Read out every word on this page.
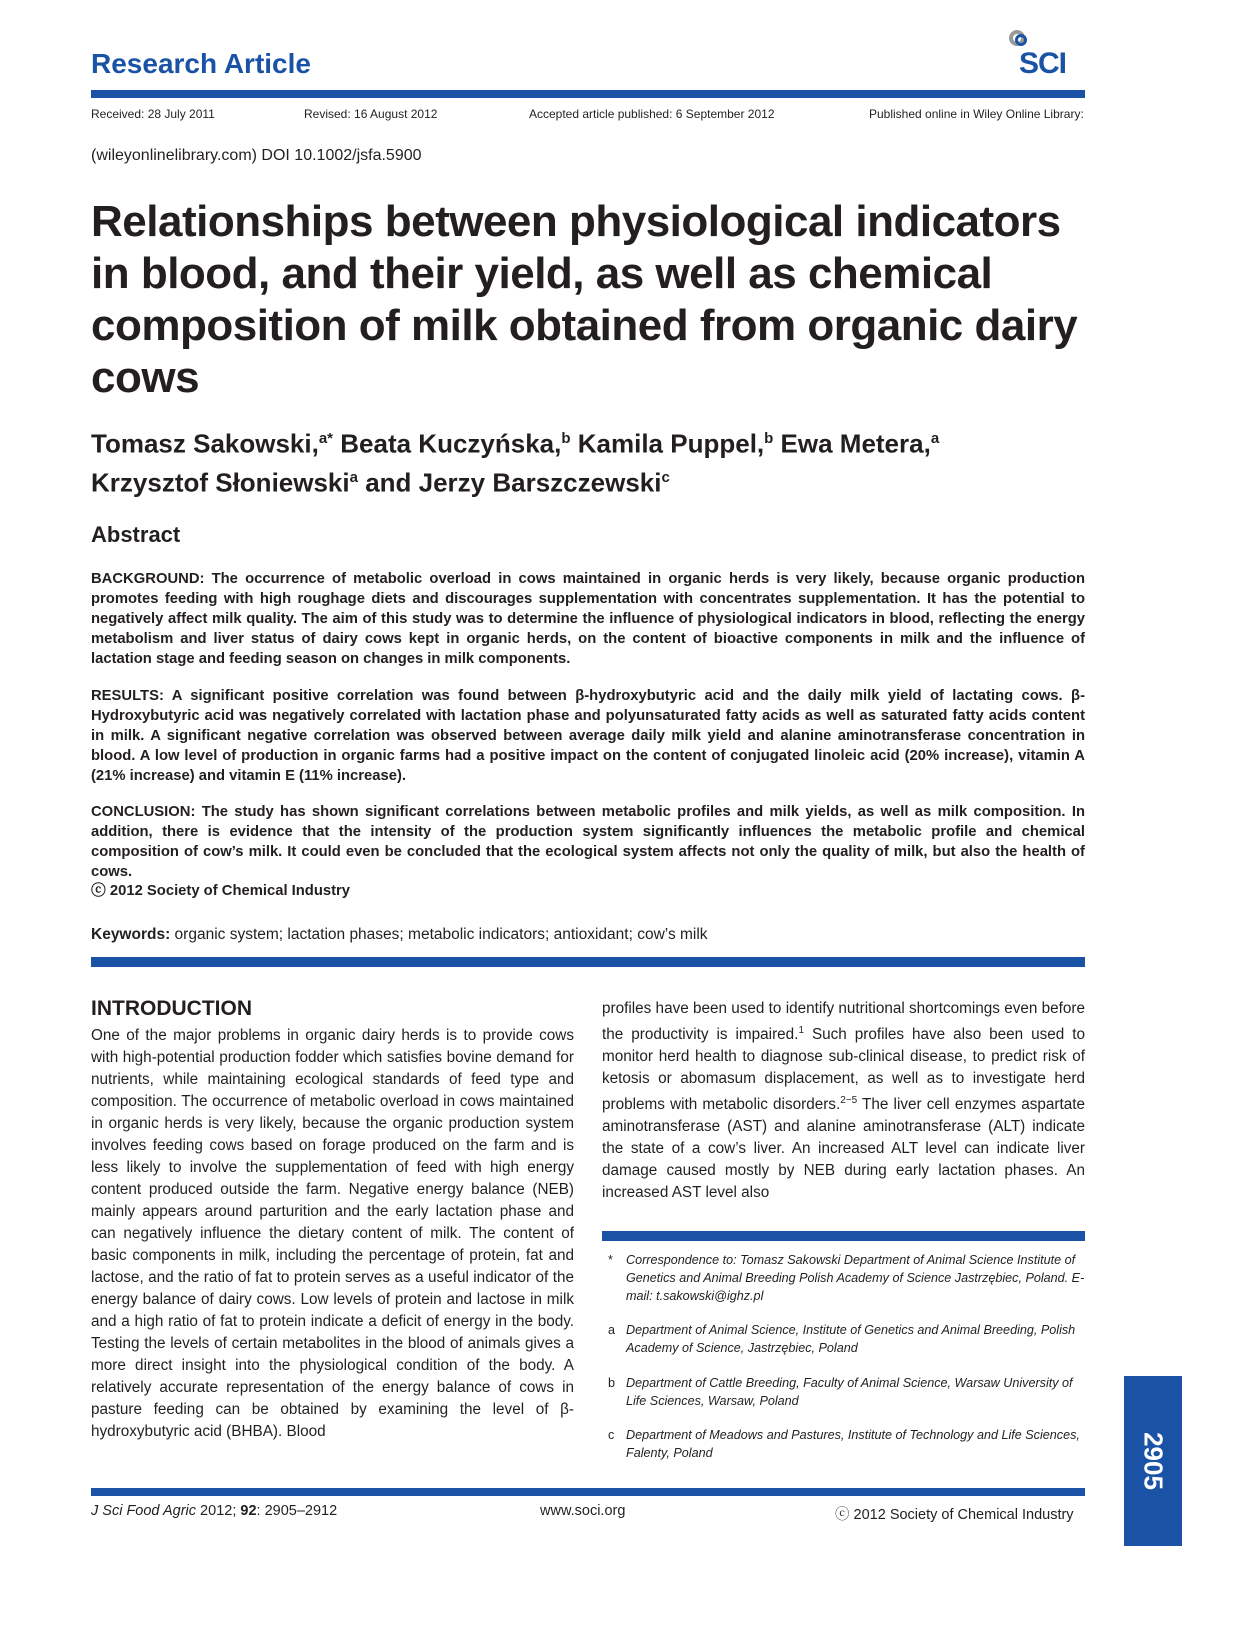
Research Article	SCI
Received: 28 July 2011	Revised: 16 August 2012	Accepted article published: 6 September 2012	Published online in Wiley Online Library:
(wileyonlinelibrary.com) DOI 10.1002/jsfa.5900
Relationships between physiological indicators in blood, and their yield, as well as chemical composition of milk obtained from organic dairy cows
Tomasz Sakowski,$^{a*}$ Beata Kuczyńska,$^b$ Kamila Puppel,$^b$ Ewa Metera,$^a$
Krzysztof Słoniewski$^a$ and Jerzy Barszczewski$^c$
Abstract
BACKGROUND: The occurrence of metabolic overload in cows maintained in organic herds is very likely, because organic production promotes feeding with high roughage diets and discourages supplementation with concentrates supplementation. It has the potential to negatively affect milk quality. The aim of this study was to determine the influence of physiological indicators in blood, reflecting the energy metabolism and liver status of dairy cows kept in organic herds, on the content of bioactive components in milk and the influence of lactation stage and feeding season on changes in milk components.
RESULTS: A significant positive correlation was found between β-hydroxybutyric acid and the daily milk yield of lactating cows. β-Hydroxybutyric acid was negatively correlated with lactation phase and polyunsaturated fatty acids as well as saturated fatty acids content in milk. A significant negative correlation was observed between average daily milk yield and alanine aminotransferase concentration in blood. A low level of production in organic farms had a positive impact on the content of conjugated linoleic acid (20% increase), vitamin A (21% increase) and vitamin E (11% increase).
CONCLUSION: The study has shown significant correlations between metabolic profiles and milk yields, as well as milk composition. In addition, there is evidence that the intensity of the production system significantly influences the metabolic profile and chemical composition of cow’s milk. It could even be concluded that the ecological system affects not only the quality of milk, but also the health of cows.
ⓒ 2012 Society of Chemical Industry
Keywords: organic system; lactation phases; metabolic indicators; antioxidant; cow’s milk
INTRODUCTION
One of the major problems in organic dairy herds is to provide cows with high-potential production fodder which satisfies bovine demand for nutrients, while maintaining ecological standards of feed type and composition. The occurrence of metabolic overload in cows maintained in organic herds is very likely, because the organic production system involves feeding cows based on forage produced on the farm and is less likely to involve the supplementation of feed with high energy content produced outside the farm. Negative energy balance (NEB) mainly appears around parturition and the early lactation phase and can negatively influence the dietary content of milk. The content of basic components in milk, including the percentage of protein, fat and lactose, and the ratio of fat to protein serves as a useful indicator of the energy balance of dairy cows. Low levels of protein and lactose in milk and a high ratio of fat to protein indicate a deficit of energy in the body. Testing the levels of certain metabolites in the blood of animals gives a more direct insight into the physiological condition of the body. A relatively accurate representation of the energy balance of cows in pasture feeding can be obtained by examining the level of β-hydroxybutyric acid (BHBA). Blood
profiles have been used to identify nutritional shortcomings even before the productivity is impaired.$^1$ Such profiles have also been used to monitor herd health to diagnose sub-clinical disease, to predict risk of ketosis or abomasum displacement, as well as to investigate herd problems with metabolic disorders.$^{2-5}$ The liver cell enzymes aspartate aminotransferase (AST) and alanine aminotransferase (ALT) indicate the state of a cow’s liver. An increased ALT level can indicate liver damage caused mostly by NEB during early lactation phases. An increased AST level also
* Correspondence to: Tomasz Sakowski Department of Animal Science Institute of Genetics and Animal Breeding Polish Academy of Science Jastrzębiec, Poland. E-mail: t.sakowski@ighz.pl
a Department of Animal Science, Institute of Genetics and Animal Breeding, Polish Academy of Science, Jastrzębiec, Poland
b Department of Cattle Breeding, Faculty of Animal Science, Warsaw University of Life Sciences, Warsaw, Poland
c Department of Meadows and Pastures, Institute of Technology and Life Sciences, Falenty, Poland
J Sci Food Agric 2012; 92: 2905–2912	www.soci.org	ⓒ 2012 Society of Chemical Industry
2905
